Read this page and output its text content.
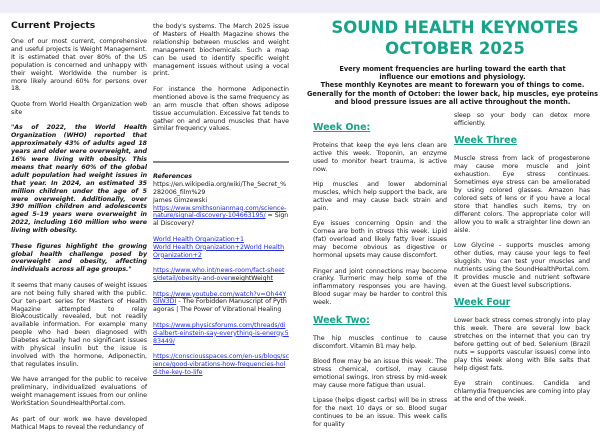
Current Projects

One of our most current, comprehensive and useful projects is Weight Management. It is estimated that over 80% of the US population is concerned and unhappy with their weight. Worldwide the number is more likely around 60% for persons over 18.

Quote from World Health Organization web site

"As of 2022, the World Health Organization (WHO) reported that approximately 43% of adults aged 18 years and older were overweight, and 16% were living with obesity. This means that nearly 60% of the global adult population had weight issues in that year. In 2024, an estimated 35 million children under the age of 5 were overweight. Additionally, over 390 million children and adolescents aged 5–19 years were overweight in 2022, including 160 million who were living with obesity.

These figures highlight the growing global health challenge posed by overweight and obesity, affecting individuals across all age groups."

It seems that many causes of weight issues are not being fully shared with the public. Our ten-part series for Masters of Health Magazine attempted to relay BioAcoustically revealed, but not readily available information. For example many people who had been diagnosed with Diabetes actually had no significant issues with physical insulin but the issue is involved with the hormone, Adiponectin, that regulates insulin.

We have arranged for the public to receive preliminary, individualized evaluations of weight management issues from our online WorkStation SoundHealthPortal.com.

As part of our work we have developed Mathical Maps to reveal the redundancy of

the body's systems. The March 2025 issue of Masters of Health Magazine shows the relationship between muscles and weight management biochemicals. Such a map can be used to identify specific weight management issues without using a vocal print.

For instance the hormone Adiponectin mentioned above is the same frequency as an arm muscle that often shows adipose tissue accumulation. Excessive fat tends to gather on and around muscles that have similar frequency values.

References
https://en.wikipedia.org/wiki/The_Secret_%282006_film%29
James Gimzewski

https://www.smithsonianmag.com/science-nature/signal-discovery-104663195/ = Signal Discovery?

World Health Organization+1
World Health Organization+2World Health Organization+2

https://www.who.int/news-room/fact-sheets/detail/obesity-and-overweightWeight

https://www.youtube.com/watch?v=Oh44YGlW3DI - The Forbidden Manuscript of Pythagoras | The Power of Vibrational Healing

https://www.physicsforums.com/threads/did-albert-einstein-say-everything-is-energy.583449/

https://consciousspaces.com/en-us/blogs/science/good-vibrations-how-frequencies-hold-the-key-to-life

SOUND HEALTH KEYNOTES
OCTOBER 2025
Every moment frequencies are hurling toward the earth that
influence our emotions and physiology.
These monthly Keynotes are meant to forewarn you of things to come.
Generally for the month of October: the lower back, hip muscles, eye proteins
and blood pressure issues are all active throughout the month.
Week One:

Proteins that keep the eye lens clean are active this week. Troponin, an enzyme used to monitor heart trauma, is active now.

Hip muscles and lower abdominal muscles, which help support the back, are active and may cause back strain and pain.

Eye issues concerning Opsin and the Cornea are both in stress this week. Lipid (fat) overload and likely fatty liver issues may become obvious as digestive or hormonal upsets may cause discomfort.

Finger and joint connections may become cranky. Turmeric may help some of the inflammatory responses you are having. Blood sugar may be harder to control this week.

Week Two:

The hip muscles continue to cause discomfort. Vitamin B1 may help.

Blood flow may be an issue this week. The stress chemical, cortisol, may cause emotional swings. Iron stress by mid-week may cause more fatigue than usual.

Lipase (helps digest carbs) will be in stress for the next 10 days or so. Blood sugar continues to be an issue. This week calls for quality

sleep so your body can detox more efficiently.

Week Three

Muscle stress from lack of progesterone may cause more muscle and joint exhaustion. Eye stress continues. Sometimes eye stress can be ameliorated by using colored glasses. Amazon has colored sets of lens or if you have a local store that handles such items, try on different colors. The appropriate color will allow you to walk a straighter line down an aisle.

Low Glycine - supports muscles among other duties, may cause your legs to feel sluggish. You can test your muscles and nutrients using the SoundHealthPortal.com. It provides muscle and nutrient software even at the Guest level subscriptions.

Week Four

Lower back stress comes strongly into play this week. There are several low back stretches on the internet that you can try before getting out of bed. Selenium (Brazil nuts = supports vascular issues) come into play this week along with Bile salts that help digest fats.

Eye strain continues. Candida and chlamydia frequencies are coming into play at the end of the week.
